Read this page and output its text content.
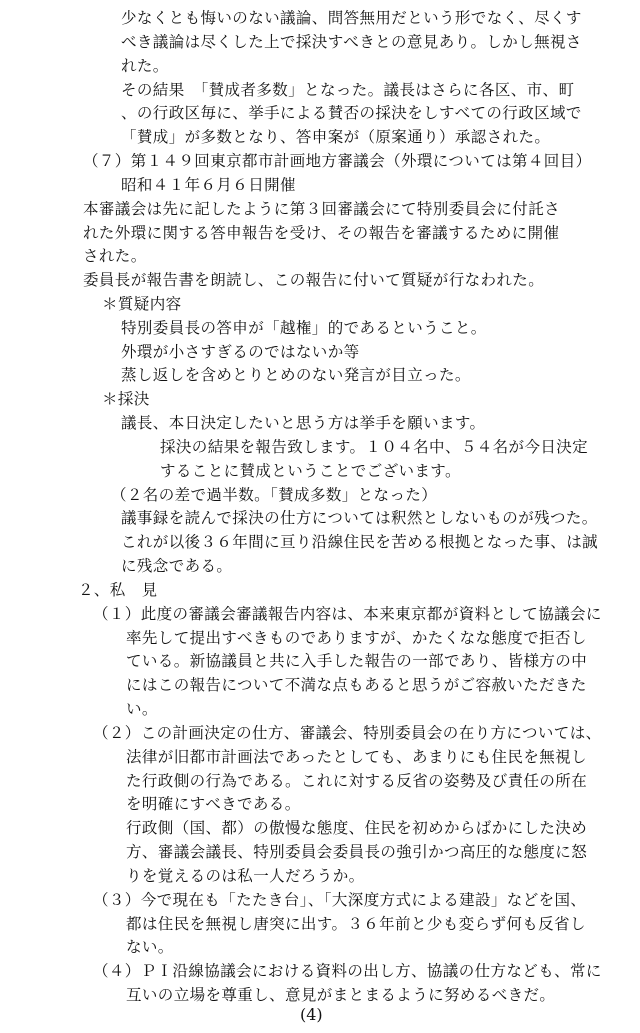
少なくとも悔いのない議論、問答無用だという形でなく、尽くす
べき議論は尽くした上で採決すべきとの意見あり。しかし無視さ
れた。
その結果　「賛成者多数」となった。議長はさらに各区、市、町
、の行政区毎に、挙手による賛否の採決をしすべての行政区域で
「賛成」が多数となり、答申案が（原案通り）承認された。
（７）第１４９回東京都市計画地方審議会（外環については第４回目）
昭和４１年６月６日開催
本審議会は先に記したように第３回審議会にて特別委員会に付託さ
れた外環に関する答申報告を受け、その報告を審議するために開催
された。
委員長が報告書を朗読し、この報告に付いて質疑が行なわれた。
＊質疑内容
特別委員長の答申が「越権」的であるということ。
外環が小さすぎるのではないか等
蒸し返しを含めとりとめのない発言が目立った。
＊採決
議長、本日決定したいと思う方は挙手を願います。
採決の結果を報告致します。１０４名中、５４名が今日決定
することに賛成ということでございます。
（２名の差で過半数。「賛成多数」となった）
議事録を読んで採決の仕方については釈然としないものが残つた。
これが以後３６年間に亘り沿線住民を苦める根拠となった事、は誠
に残念である。
２、私　見
（１）此度の審議会審議報告内容は、本来東京都が資料として協議会に
率先して提出すべきものでありますが、かたくなな態度で拒否し
ている。新協議員と共に入手した報告の一部であり、皆様方の中
にはこの報告について不満な点もあると思うがご容赦いただきた
い。
（２）この計画決定の仕方、審議会、特別委員会の在り方については、
法律が旧都市計画法であったとしても、あまりにも住民を無視し
た行政側の行為である。これに対する反省の姿勢及び責任の所在
を明確にすべきである。
行政側（国、都）の傲慢な態度、住民を初めからばかにした決め
方、審議会議長、特別委員会委員長の強引かつ高圧的な態度に怒
りを覚えるのは私一人だろうか。
（３）今で現在も「たたき台」、「大深度方式による建設」などを国、
都は住民を無視し唐突に出す。３６年前と少も変らず何も反省し
ない。
（４）ＰＩ沿線協議会における資料の出し方、協議の仕方なども、常に
互いの立場を尊重し、意見がまとまるように努めるべきだ。
(4)
